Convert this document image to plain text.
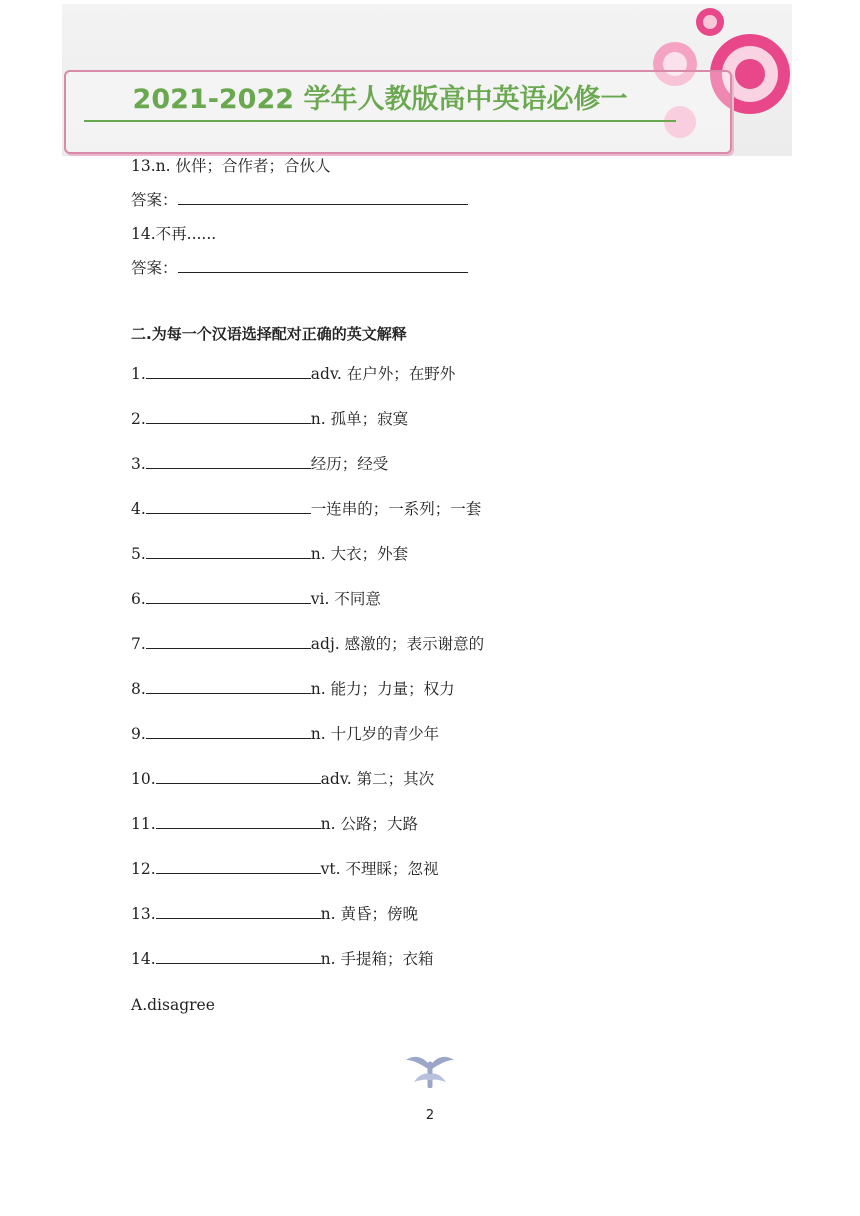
2021-2022 学年人教版高中英语必修一
13.n. 伙伴；合作者；合伙人
答案：
14.不再......
答案：
二.为每一个汉语选择配对正确的英文解释
1.	adv. 在户外；在野外
2.	n. 孤单；寂寞
3.	经历；经受
4.	一连串的；一系列；一套
5.	n. 大衣；外套
6.	vi. 不同意
7.	adj. 感激的；表示谢意的
8.	n. 能力；力量；权力
9.	n. 十几岁的青少年
10.	adv. 第二；其次
11.	n. 公路；大路
12.	vt. 不理睬；忽视
13.	n. 黄昏；傍晚
14.	n. 手提箱；衣箱
A.disagree
2
